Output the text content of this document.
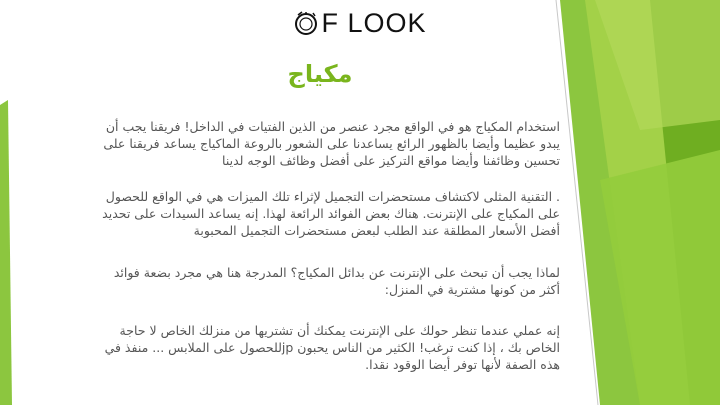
F LOOK
مكياج
استخدام المكياج هو في الواقع مجرد عنصر من الذين الفتيات في الداخل! فريقنا يجب أن يبدو عظيما وأيضا بالظهور الرائع يساعدنا على الشعور بالروعة الماكياج يساعد فريقنا على تحسين وظائفنا وأيضا مواقع التركيز على أفضل وظائف الوجه لدينا
. التقنية المثلى لاكتشاف مستحضرات التجميل لإثراء تلك الميزات هي في الواقع للحصول على المكياج على الإنترنت. هناك بعض الفوائد الرائعة لهذا. إنه يساعد السيدات على تحديد أفضل الأسعار المطلقة عند الطلب لبعض مستحضرات التجميل المحبوبة
لماذا يجب أن تبحث على الإنترنت عن بدائل المكياج؟ المدرجة هنا هي مجرد بضعة فوائد أكثر من كونها مشترية في المنزل:
إنه عملي عندما تنظر حولك على الإنترنت يمكنك أن تشتريها من منزلك الخاص لا حاجة الخاص بك ، إذا كنت ترغب! الكثير من الناس يحبون jpللحصول على الملابس ... منفذ في هذه الصفة لأنها توفر أيضا الوقود نقدا.
